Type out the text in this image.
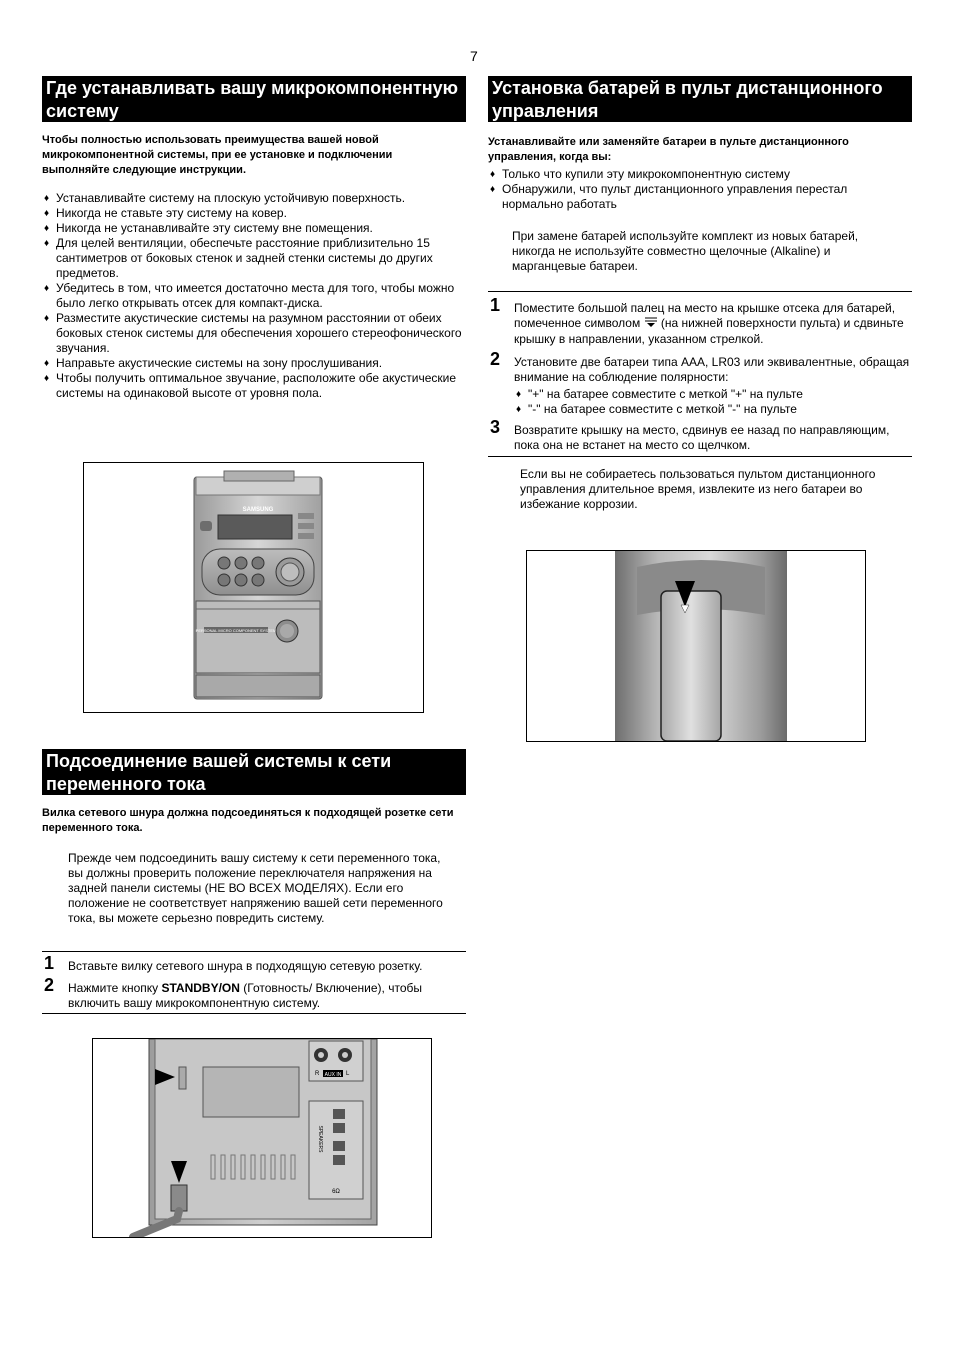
7
Где устанавливать вашу микрокомпонентную систему

Чтобы полностью использовать преимущества вашей новой микрокомпонентной системы, при ее установке и подключении выполняйте следующие инструкции.

♦ Устанавливайте систему на плоскую устойчивую поверхность.
♦ Никогда не ставьте эту систему на ковер.
♦ Никогда не устанавливайте эту систему вне помещения.
♦ Для целей вентиляции, обеспечьте расстояние приблизительно 15 сантиметров от боковых стенок и задней стенки системы до других предметов.
♦ Убедитесь в том, что имеется достаточно места для того, чтобы можно было легко открывать отсек для компакт-диска.
♦ Разместите акустические системы на разумном расстоянии от обеих боковых стенок системы для обеспечения хорошего стереофонического звучания.
♦ Направьте акустические системы на зону прослушивания.
♦ Чтобы получить оптимальное звучание, расположите обе акустические системы на одинаковой высоте от уровня пола.
SAMSUNG
PERSONAL MICRO COMPONENT SYSTEM
Подсоединение вашей системы к сети переменного тока

Вилка сетевого шнура должна подсоединяться к подходящей розетке сети переменного тока.

Прежде чем подсоединить вашу систему к сети переменного тока, вы должны проверить положение переключателя напряжения на задней панели системы (НЕ ВО ВСЕХ МОДЕЛЯХ). Если его положение не соответствует напряжению вашей сети переменного тока, вы можете серьезно повредить систему.

1 Вставьте вилку сетевого шнура в подходящую сетевую розетку.
2 Нажмите кнопку STANDBY/ON (Готовность/ Включение), чтобы включить вашу микрокомпонентную систему.
R AUX IN L
SPEAKERS
6Ω
Установка батарей в пульт дистанционного управления

Устанавливайте или заменяйте батареи в пульте дистанционного управления, когда вы:

♦ Только что купили эту микрокомпонентную систему
♦ Обнаружили, что пульт дистанционного управления перестал нормально работать

При замене батарей используйте комплект из новых батарей, никогда не используйте совместно щелочные (Alkaline) и марганцевые батареи.

1 Поместите большой палец на место на крышке отсека для батарей, помеченное символом (на нижней поверхности пульта) и сдвиньте крышку в направлении, указанном стрелкой.
2 Установите две батареи типа AAA, LR03 или эквивалентные, обращая внимание на соблюдение полярности:
♦ "+" на батарее совместите с меткой "+" на пульте
♦ "-" на батарее совместите с меткой "-" на пульте
3 Возвратите крышку на место, сдвинув ее назад по направляющим, пока она не встанет на место со щелчком.

Если вы не собираетесь пользоваться пультом дистанционного управления длительное время, извлеките из него батареи во избежание коррозии.
